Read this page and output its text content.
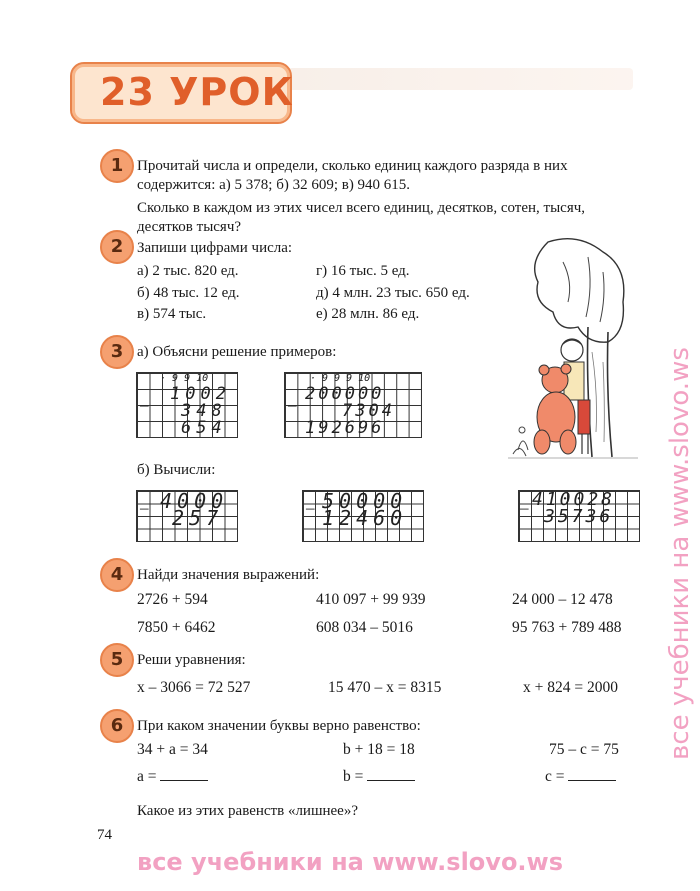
23 УРОК
1 Прочитай числа и определи, сколько единиц каждого разряда в них
содержится: а) 5 378; б) 32 609; в) 940 615.
Сколько в каждом из этих чисел всего единиц, десятков, сотен, тысяч,
десятков тысяч?
2 Запиши цифрами числа:
а) 2 тыс. 820 ед.	г) 16 тыс. 5 ед.
б) 48 тыс. 12 ед.	д) 4 млн. 23 тыс. 650 ед.
в) 574 тыс.	е) 28 млн. 86 ед.
3 а) Объясни решение примеров:
· 9 9 10
1002
– 348
654
· 9 9 9 10
200000
–	7304
192696
б) Вычисли:
– 4000
257	– 50000
12460	– 410028
35736
4 Найди значения выражений:
2726 + 594	410 097 + 99 939	24 000 – 12 478
7850 + 6462	608 034 – 5016	95 763 + 789 488
5 Реши уравнения:
x – 3066 = 72 527	15 470 – x = 8315	x + 824 = 2000
6 При каком значении буквы верно равенство:
34 + a = 34	b + 18 = 18	75 – c = 75
a =	b =	c =
Какое из этих равенств «лишнее»?
74
все учебники на www.slovo.ws
все учебники на www.slovo.ws
